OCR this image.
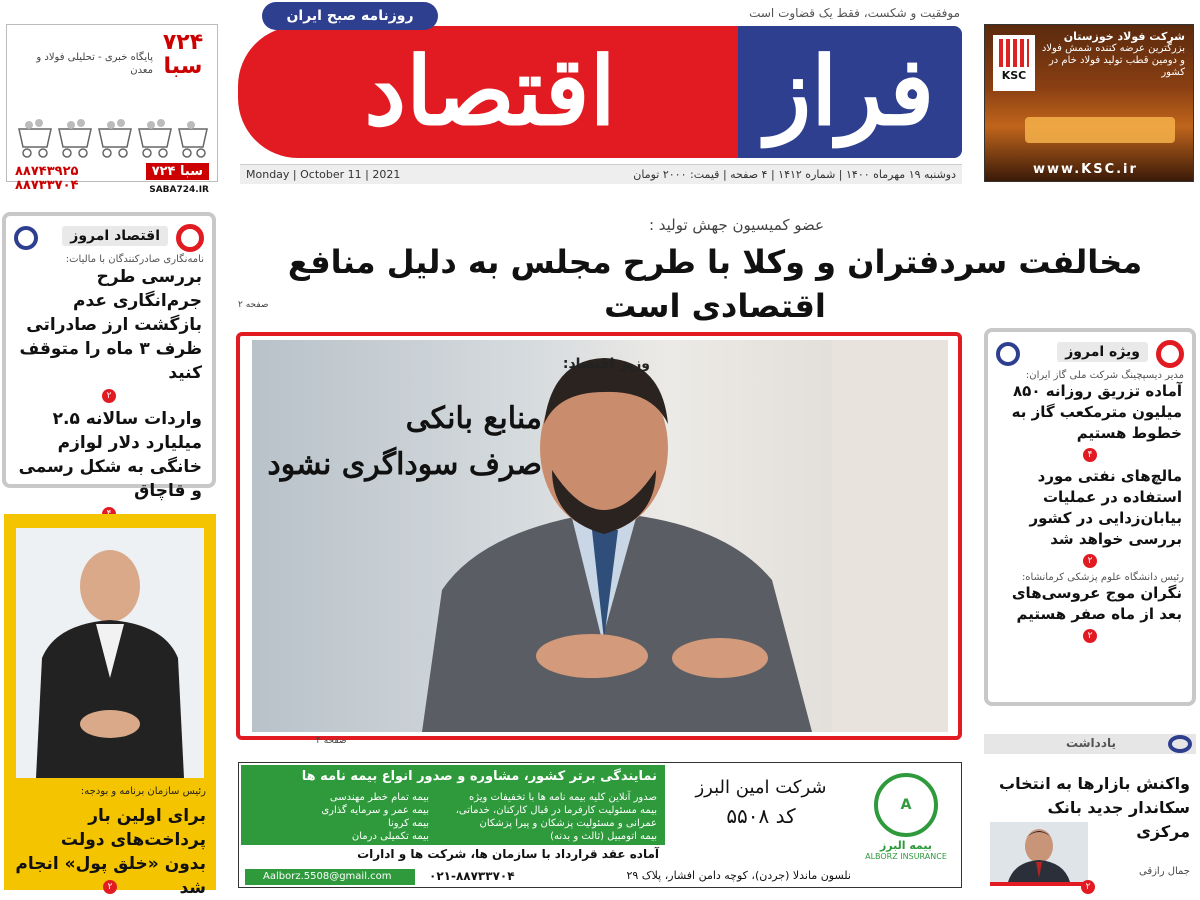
۷۲۴ سبا
پایگاه خبری - تحلیلی فولاد و معدن
۸۸۷۴۳۹۲۵
۸۸۷۳۳۷۰۴
سبا ۷۲۴
SABA724.IR
موفقیت و شکست، فقط یک قضاوت است
روزنامه صبح ایران
اقتصاد	فراز
دوشنبه ۱۹ مهرماه ۱۴۰۰ | شماره ۱۴۱۲ | ۴ صفحه | قیمت: ۲۰۰۰ تومان
Monday | October 11 | 2021
KSC
شرکت فولاد خوزستان
بزرگترین عرضه کننده شمش فولاد و دومین قطب تولید فولاد خام در کشور
www.KSC.ir
عضو کمیسیون جهش تولید :
مخالفت سردفتران و وکلا با طرح مجلس به دلیل منافع اقتصادی است
صفحه ۲
اقتصاد امروز
نامه‌نگاری صادرکنندگان با مالیات:
بررسی طرح جرم‌انگاری عدم بازگشت ارز صادراتی ظرف ۳ ماه را متوقف کنید
۲
واردات سالانه ۲.۵ میلیارد دلار لوازم خانگی به شکل رسمی و قاچاق
رئیس سازمان برنامه و بودجه:
برای اولین بار پرداخت‌های دولت بدون «خلق پول» انجام شد
۲
وزیر اقتصاد:
منابع بانکی
صرف سوداگری نشود
صفحه ۴
نمایندگی برتر کشور، مشاوره و صدور انواع بیمه نامه ها
صدور آنلاین کلیه بیمه نامه ها با تخفیفات ویژه
بیمه مسئولیت کارفرما در قبال کارکنان، خدماتی،
عمرانی و مسئولیت پزشکان و پیرا پزشکان
بیمه اتومبیل (ثالث و بدنه)
بیمه تمام خطر مهندسی
بیمه عمر و سرمایه گذاری
بیمه کرونا
بیمه تکمیلی درمان
آماده عقد قرارداد با سازمان ها، شرکت ها و ادارات
Aalborz.5508@gmail.com	۰۲۱-۸۸۷۳۳۷۰۴
شرکت امین البرز
کد ۵۵۰۸	A
بیمه البرز
ALBORZ INSURANCE
نلسون ماندلا (جردن)، کوچه دامن افشار، پلاک ۲۹
ویژه امروز
مدیر دیسپچینگ شرکت ملی گاز ایران:
آماده تزریق روزانه ۸۵۰ میلیون مترمکعب گاز به خطوط هستیم
۴
مالچ‌های نفتی مورد استفاده در عملیات بیابان‌زدایی در کشور بررسی خواهد شد
۲
رئیس دانشگاه علوم پزشکی کرمانشاه:
نگران موج عروسی‌های بعد از ماه صفر هستیم
۲
یادداشت
واکنش بازارها به انتخاب سکاندار جدید بانک مرکزی
جمال رازقی
۲
